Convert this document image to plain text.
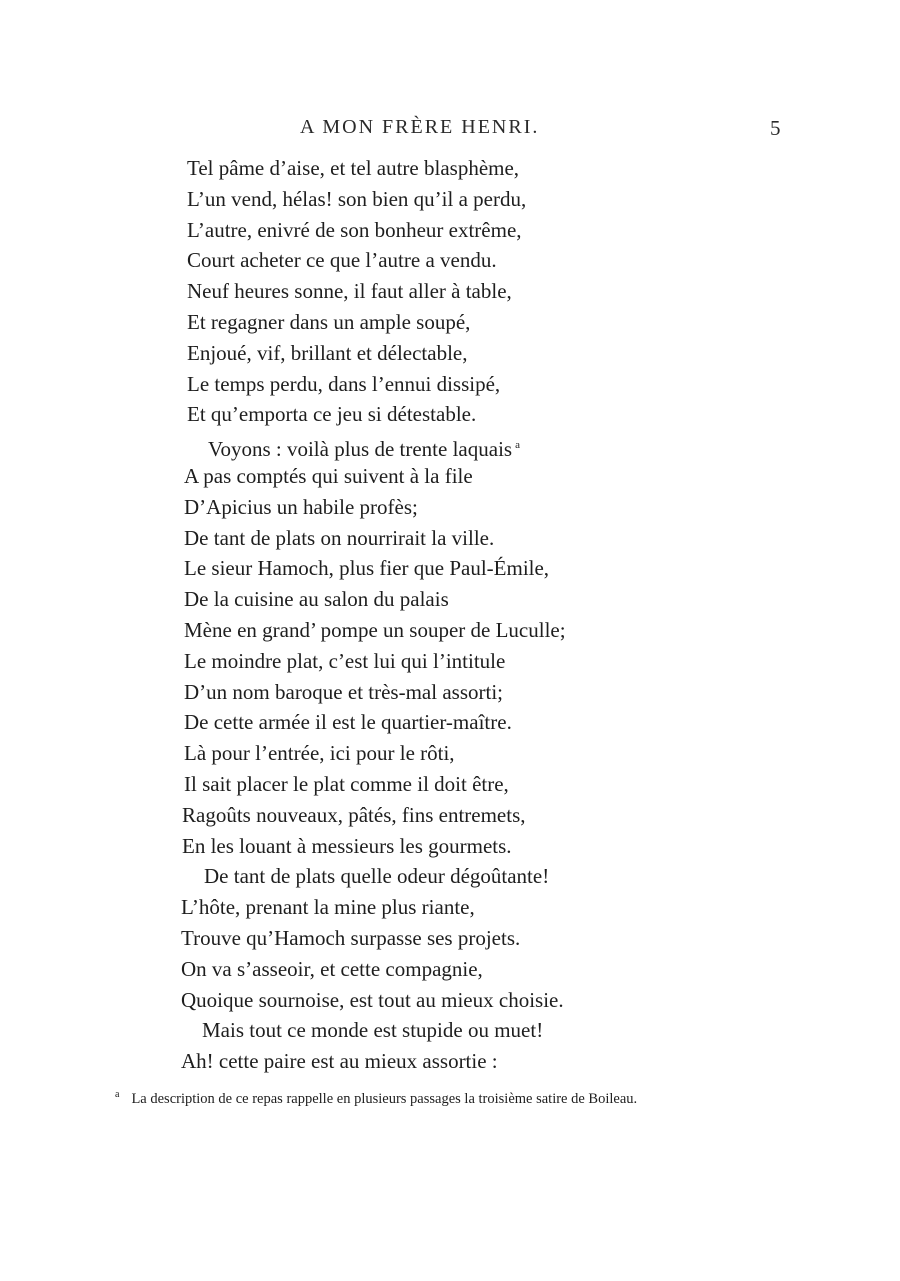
A MON FRÈRE HENRI.	5
Tel pâme d’aise, et tel autre blasphème,
L’un vend, hélas! son bien qu’il a perdu,
L’autre, enivré de son bonheur extrême,
Court acheter ce que l’autre a vendu.
Neuf heures sonne, il faut aller à table,
Et regagner dans un ample soupé,
Enjoué, vif, brillant et délectable,
Le temps perdu, dans l’ennui dissipé,
Et qu’emporta ce jeu si détestable.
Voyons : voilà plus de trente laquais $^a$
A pas comptés qui suivent à la file
D’Apicius un habile profès;
De tant de plats on nourrirait la ville.
Le sieur Hamoch, plus fier que Paul-Émile,
De la cuisine au salon du palais
Mène en grand’ pompe un souper de Luculle;
Le moindre plat, c’est lui qui l’intitule
D’un nom baroque et très-mal assorti;
De cette armée il est le quartier-maître.
Là pour l’entrée, ici pour le rôti,
Il sait placer le plat comme il doit être,
Ragoûts nouveaux, pâtés, fins entremets,
En les louant à messieurs les gourmets.
De tant de plats quelle odeur dégoûtante!
L’hôte, prenant la mine plus riante,
Trouve qu’Hamoch surpasse ses projets.
On va s’asseoir, et cette compagnie,
Quoique sournoise, est tout au mieux choisie.
Mais tout ce monde est stupide ou muet!
Ah! cette paire est au mieux assortie :
$^a$ La description de ce repas rappelle en plusieurs passages la troisième satire de Boileau.
